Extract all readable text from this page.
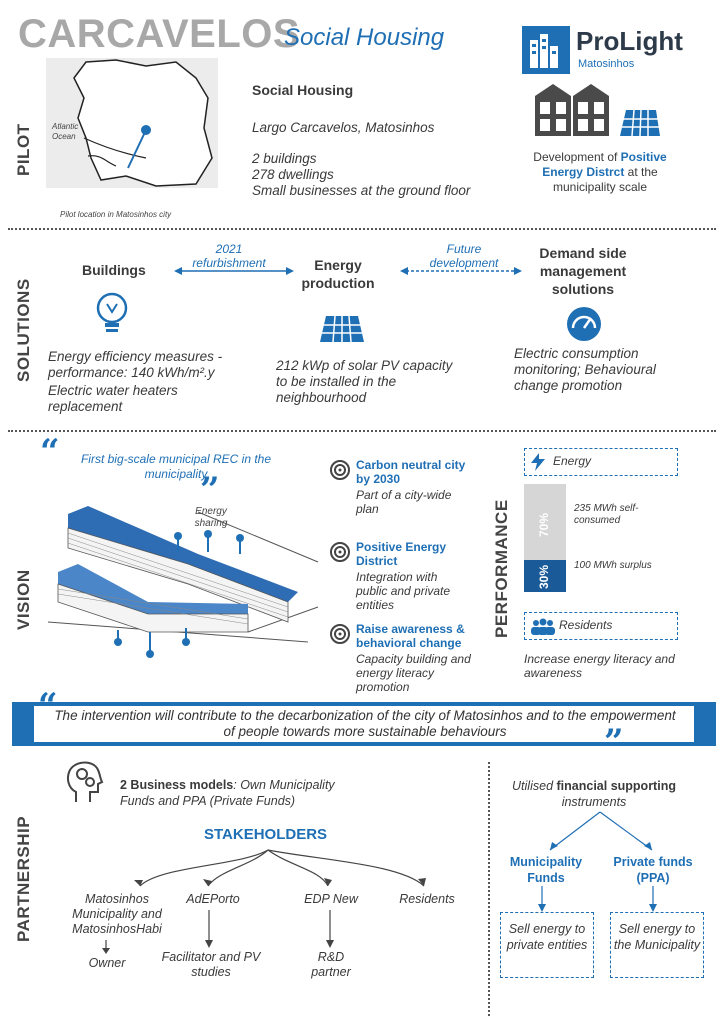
CARCAVELOS
Social Housing	ProLight
Matosinhos
PILOT Atlantic Ocean
Pilot location in Matosinhos city
Social Housing
Largo Carcavelos, Matosinhos
2 buildings
278 dwellings
Small businesses at the ground floor
Development of Positive Energy Distrct at the municipality scale
SOLUTIONS
Buildings
2021 refurbishment	Energy production
Future development
Demand side management solutions
Energy efficiency measures - performance: 140 kWh/m².y
Electric water heaters replacement
212 kWp of solar PV capacity to be installed in the neighbourhood
Electric consumption monitoring; Behavioural change promotion
VISION
“	First big-scale municipal REC in the municipality
”
Energy sharing
Carbon neutral city by 2030
Part of a city-wide plan
Positive Energy District
Integration with public and private entities
Raise awareness & behavioral change
Capacity building and energy literacy promotion
PERFORMANCE
Energy
70%
30%
235 MWh self-consumed
100 MWh surplus
Residents
Increase energy literacy and awareness
“
The intervention will contribute to the decarbonization of the city of Matosinhos and to the empowerment of people towards more sustainable behaviours	”
PARTNERSHIP
2 Business models: Own Municipality Funds and PPA (Private Funds)
STAKEHOLDERS
Matosinhos Municipality and MatosinhosHabi
Owner
AdEPorto
Facilitator and PV studies
EDP New
R&D partner
Residents
Utilised financial supporting instruments
Municipality Funds
Private funds (PPA)
Sell energy to private entities
Sell energy to the Municipality
